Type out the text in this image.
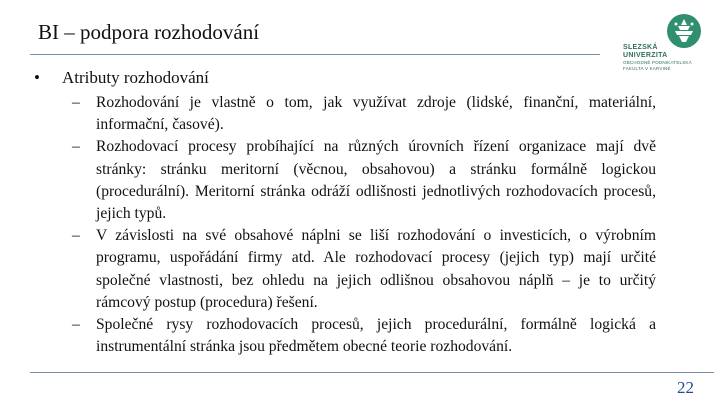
BI – podpora rozhodování
SLEZSKÁ
UNIVERZITA
OBCHODNĚ PODNIKATELSKÁ
FAKULTA V KARVINÉ
• Atributy rozhodování
– Rozhodování je vlastně o tom, jak využívat zdroje (lidské, finanční, materiální, informační, časové).
– Rozhodovací procesy probíhající na různých úrovních řízení organizace mají dvě stránky: stránku meritorní (věcnou, obsahovou) a stránku formálně logickou (procedurální). Meritorní stránka odráží odlišnosti jednotlivých rozhodovacích procesů, jejich typů.
– V závislosti na své obsahové náplni se liší rozhodování o investicích, o výrobním programu, uspořádání firmy atd. Ale rozhodovací procesy (jejich typ) mají určité společné vlastnosti, bez ohledu na jejich odlišnou obsahovou náplň – je to určitý rámcový postup (procedura) řešení.
– Společné rysy rozhodovacích procesů, jejich procedurální, formálně logická a instrumentální stránka jsou předmětem obecné teorie rozhodování.
22
